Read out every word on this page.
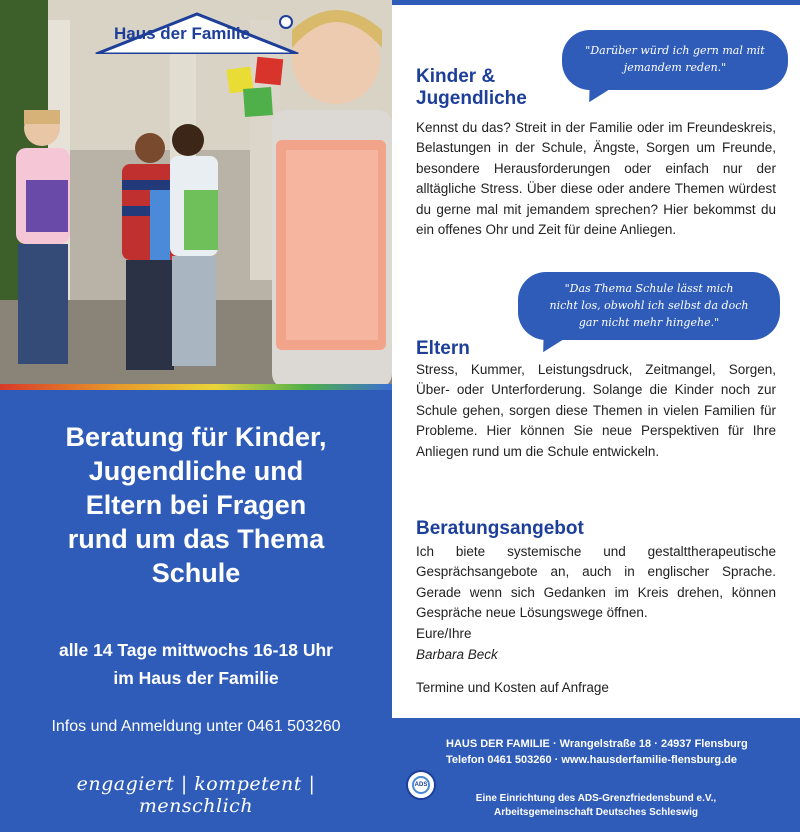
Haus der Familie
Beratung für Kinder,
Jugendliche und
Eltern bei Fragen
rund um das Thema
Schule
alle 14 Tage mittwochs 16-18 Uhr
im Haus der Familie
Infos und Anmeldung unter 0461 503260
engagiert | kompetent | menschlich
"Darüber würd ich gern mal mit
jemandem reden."
Kinder & Jugendliche
Kennst du das? Streit in der Familie oder im Freundeskreis, Belastungen in der Schule, Ängste, Sorgen um Freunde, besondere Herausforderungen oder einfach nur der alltägliche Stress. Über diese oder andere Themen würdest du gerne mal mit jemandem sprechen? Hier bekommst du ein offenes Ohr und Zeit für deine Anliegen.
"Das Thema Schule lässt mich
nicht los, obwohl ich selbst da doch
gar nicht mehr hingehe."
Eltern
Stress, Kummer, Leistungsdruck, Zeitmangel, Sorgen, Über- oder Unterforderung. Solange die Kinder noch zur Schule gehen, sorgen diese Themen in vielen Familien für Probleme. Hier können Sie neue Perspektiven für Ihre Anliegen rund um die Schule entwickeln.
Beratungsangebot
Ich biete systemische und gestalttherapeutische Gesprächsangebote an, auch in englischer Sprache. Gerade wenn sich Gedanken im Kreis drehen, können Gespräche neue Lösungswege öffnen.
Eure/Ihre
Barbara Beck
Termine und Kosten auf Anfrage
HAUS DER FAMILIE · Wrangelstraße 18 · 24937 Flensburg
Telefon 0461 503260 · www.hausderfamilie-flensburg.de
ADS
Eine Einrichtung des ADS-Grenzfriedensbund e.V.,
Arbeitsgemeinschaft Deutsches Schleswig
